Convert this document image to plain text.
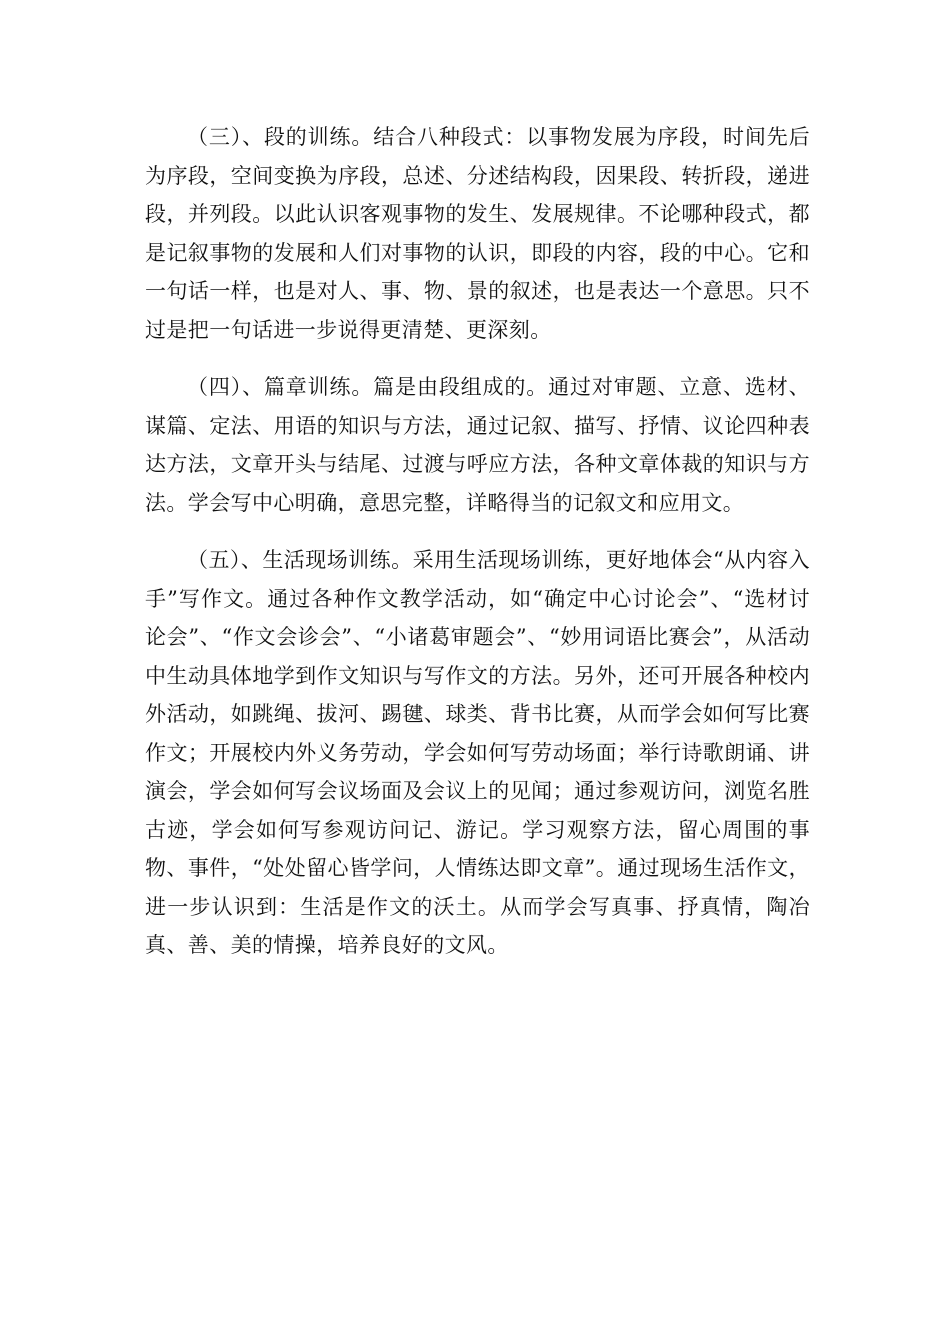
（三）、段的训练。结合八种段式：以事物发展为序段，时间先后为序段，空间变换为序段，总述、分述结构段，因果段、转折段，递进段，并列段。以此认识客观事物的发生、发展规律。不论哪种段式，都是记叙事物的发展和人们对事物的认识，即段的内容，段的中心。它和一句话一样，也是对人、事、物、景的叙述，也是表达一个意思。只不过是把一句话进一步说得更清楚、更深刻。

（四）、篇章训练。篇是由段组成的。通过对审题、立意、选材、谋篇、定法、用语的知识与方法，通过记叙、描写、抒情、议论四种表达方法，文章开头与结尾、过渡与呼应方法，各种文章体裁的知识与方法。学会写中心明确，意思完整，详略得当的记叙文和应用文。

（五）、生活现场训练。采用生活现场训练，更好地体会“从内容入手”写作文。通过各种作文教学活动，如“确定中心讨论会”、“选材讨论会”、“作文会诊会”、“小诸葛审题会”、“妙用词语比赛会”，从活动中生动具体地学到作文知识与写作文的方法。另外，还可开展各种校内外活动，如跳绳、拔河、踢毽、球类、背书比赛，从而学会如何写比赛作文；开展校内外义务劳动，学会如何写劳动场面；举行诗歌朗诵、讲演会，学会如何写会议场面及会议上的见闻；通过参观访问，浏览名胜古迹，学会如何写参观访问记、游记。学习观察方法，留心周围的事物、事件，“处处留心皆学问，人情练达即文章”。通过现场生活作文，进一步认识到：生活是作文的沃土。从而学会写真事、抒真情，陶冶真、善、美的情操，培养良好的文风。
